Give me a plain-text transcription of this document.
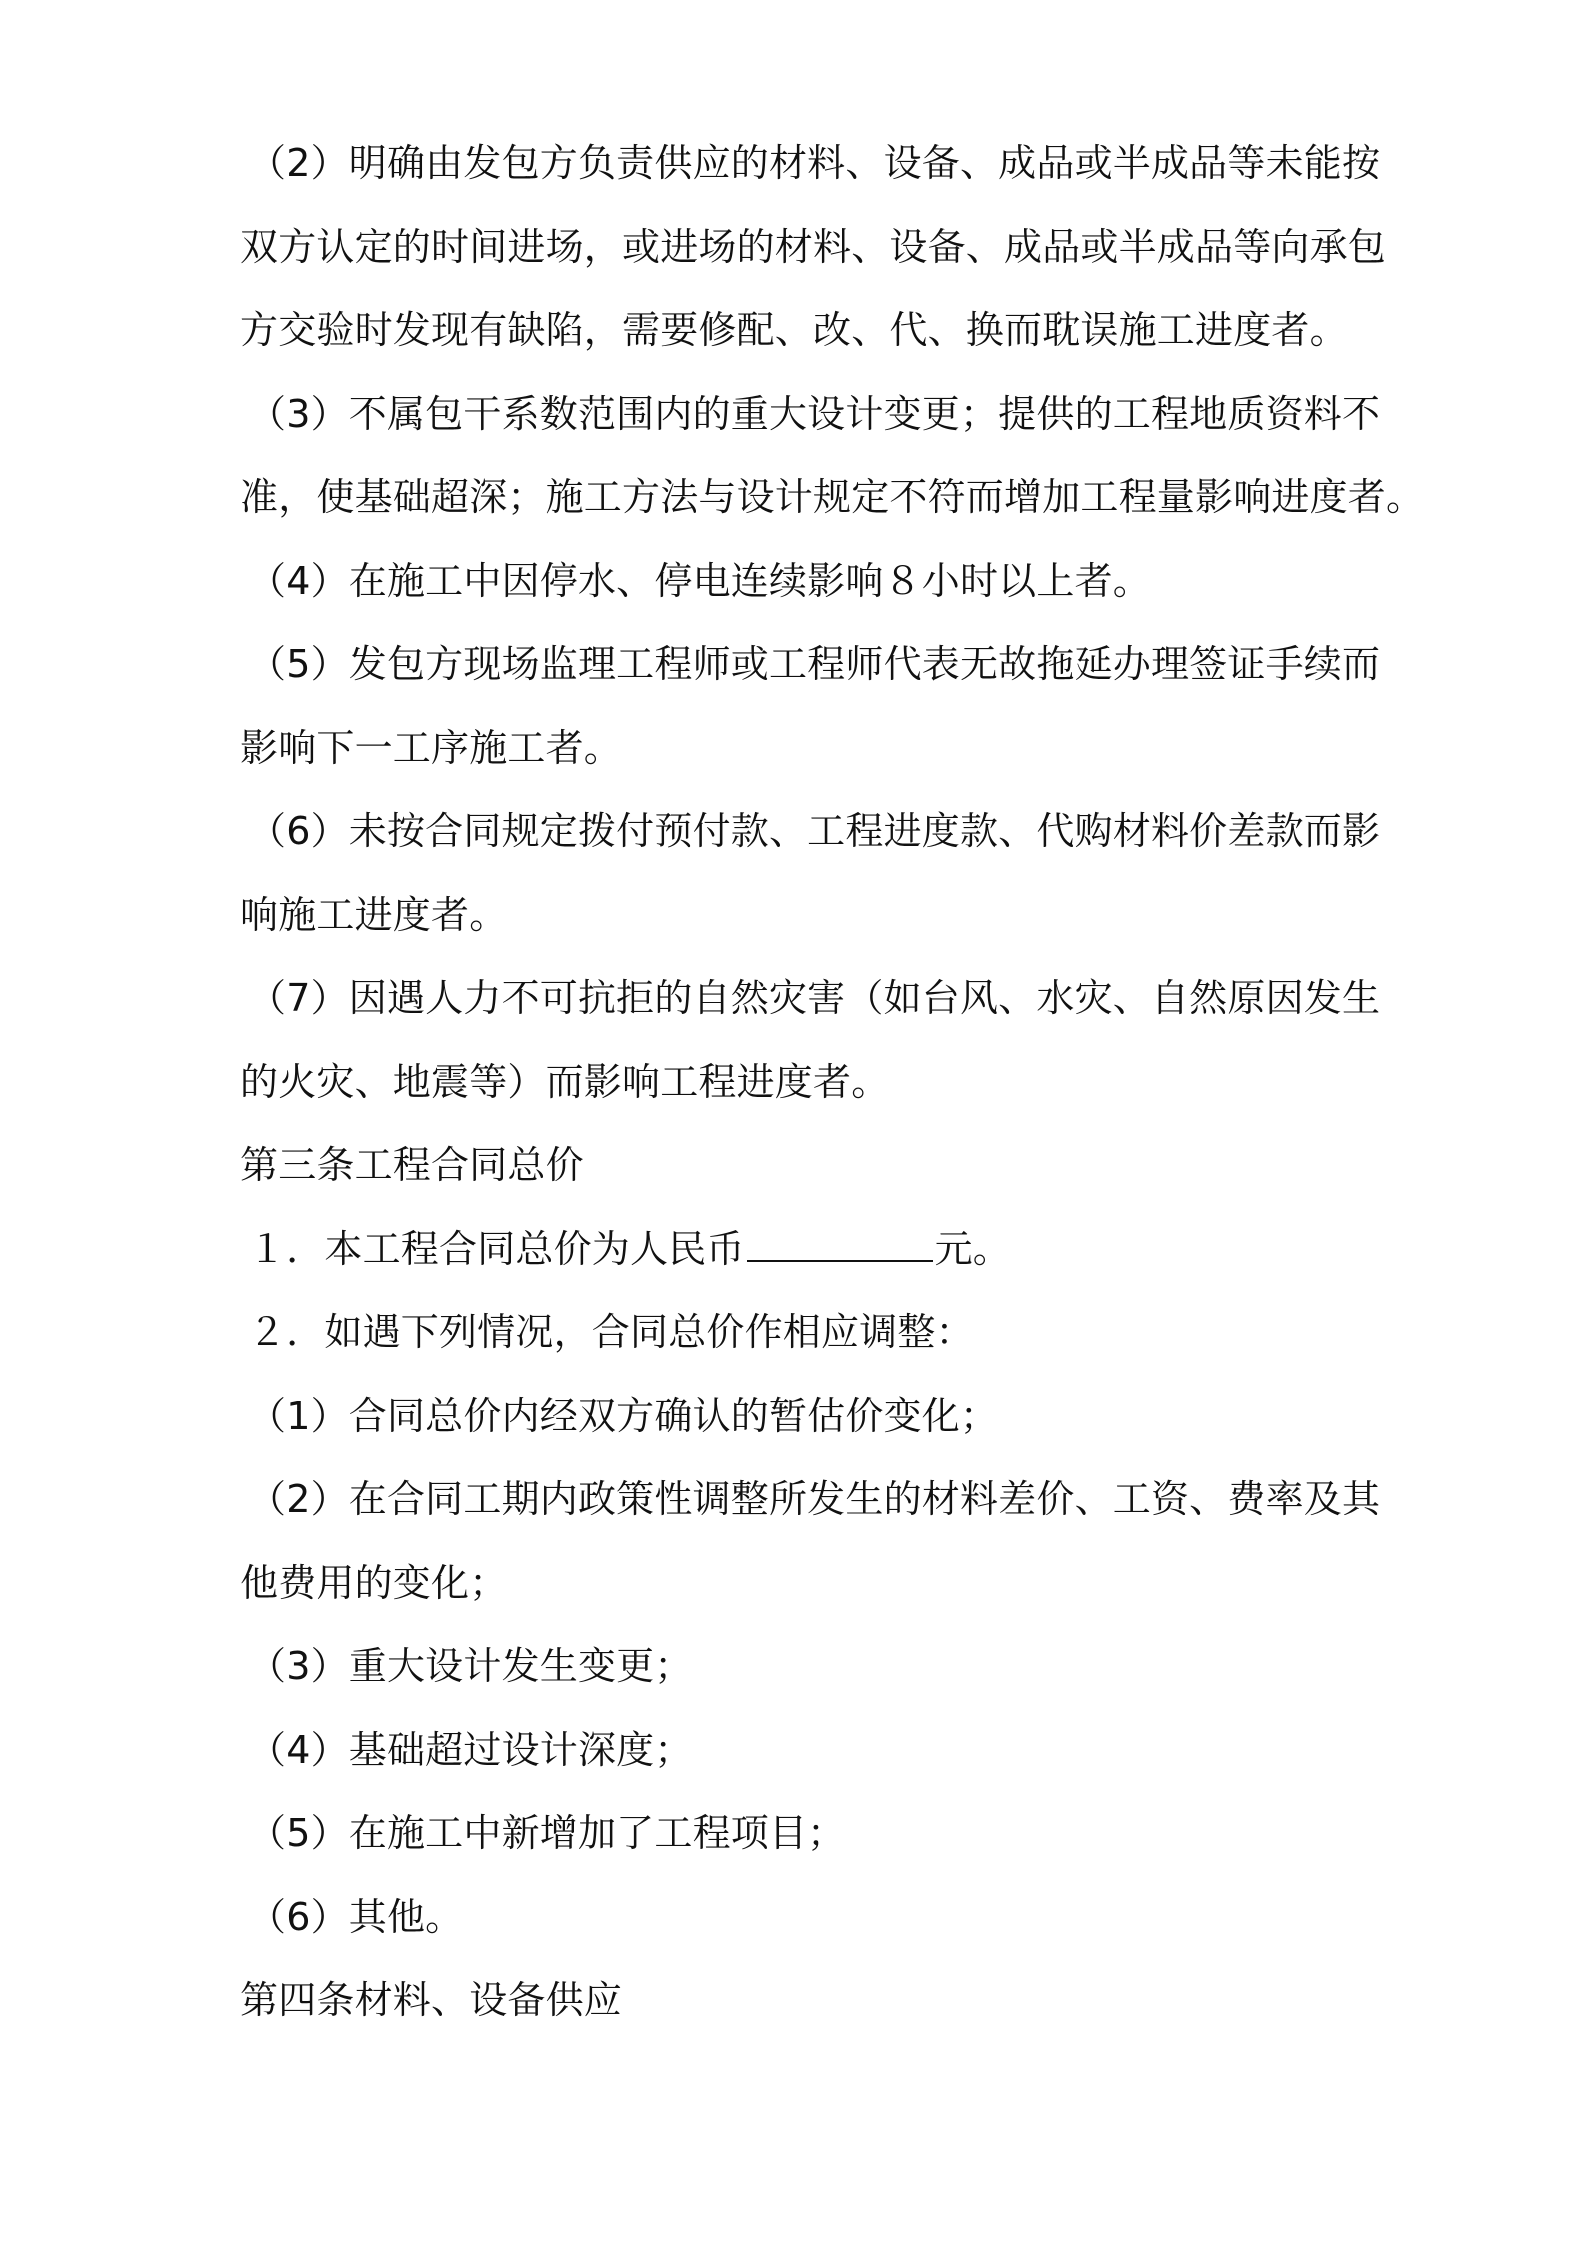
（2）明确由发包方负责供应的材料、设备、成品或半成品等未能按
双方认定的时间进场，或进场的材料、设备、成品或半成品等向承包
方交验时发现有缺陷，需要修配、改、代、换而耽误施工进度者。
（3）不属包干系数范围内的重大设计变更；提供的工程地质资料不
准，使基础超深；施工方法与设计规定不符而增加工程量影响进度者。
（4）在施工中因停水、停电连续影响８小时以上者。
（5）发包方现场监理工程师或工程师代表无故拖延办理签证手续而
影响下一工序施工者。
（6）未按合同规定拨付预付款、工程进度款、代购材料价差款而影
响施工进度者。
（7）因遇人力不可抗拒的自然灾害（如台风、水灾、自然原因发生
的火灾、地震等）而影响工程进度者。
第三条工程合同总价
１．本工程合同总价为人民币	元。
２．如遇下列情况，合同总价作相应调整：
（1）合同总价内经双方确认的暂估价变化；
（2）在合同工期内政策性调整所发生的材料差价、工资、费率及其
他费用的变化；
（3）重大设计发生变更；
（4）基础超过设计深度；
（5）在施工中新增加了工程项目；
（6）其他。
第四条材料、设备供应
